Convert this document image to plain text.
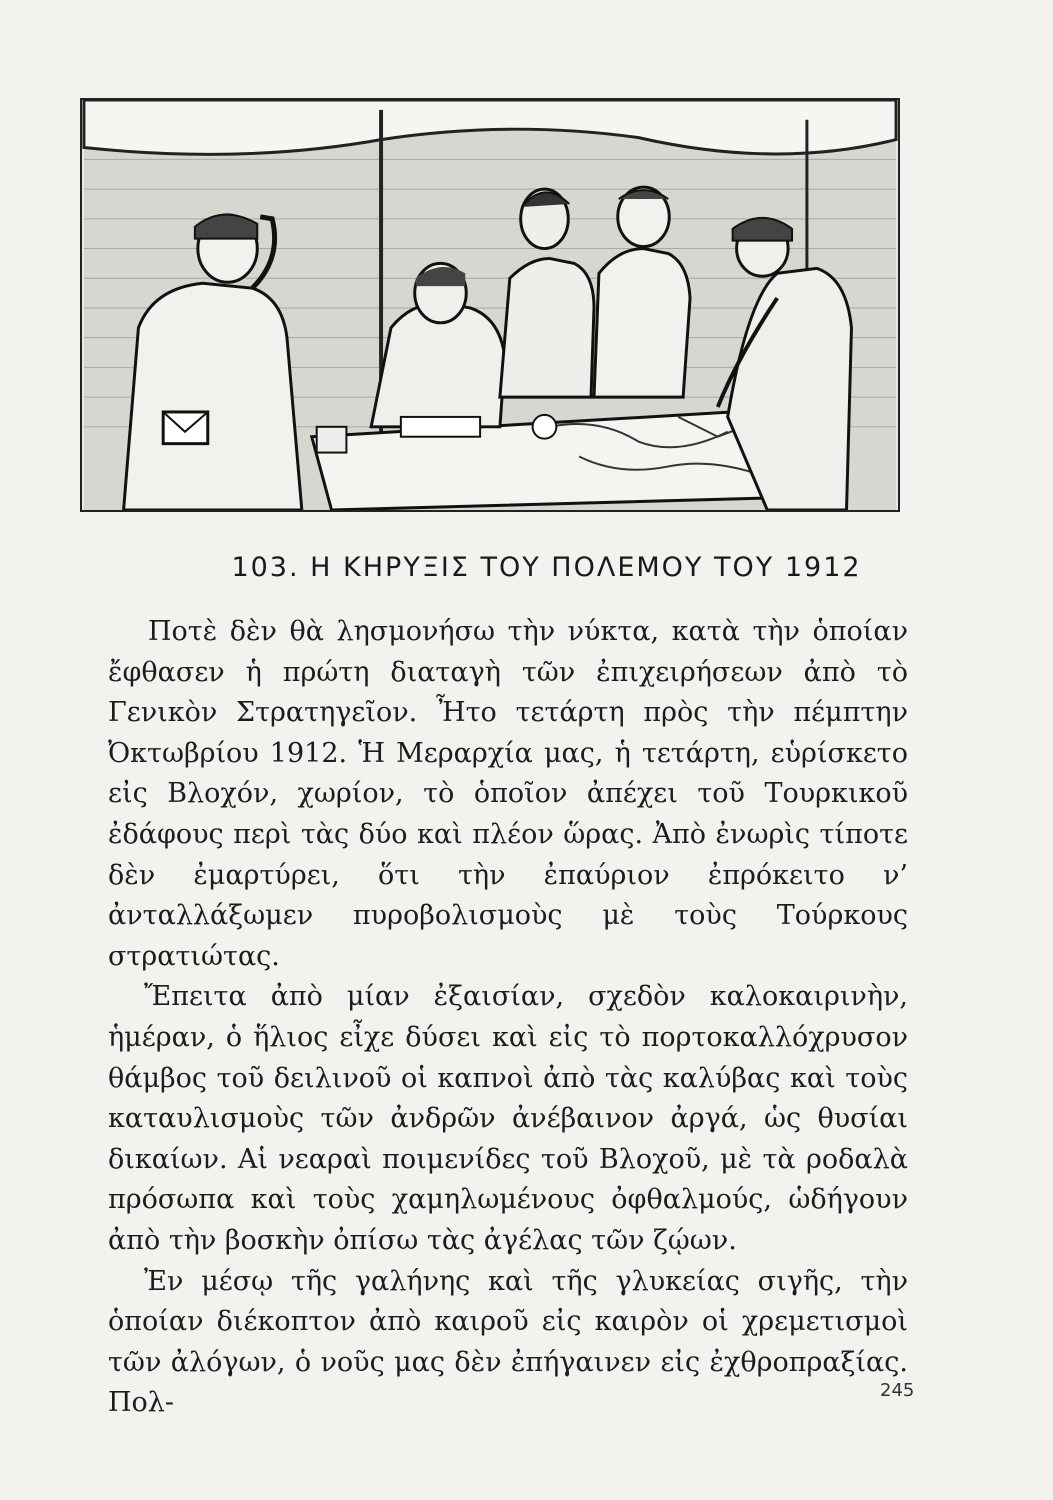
103. Η ΚΗΡΥΞΙΣ ΤΟΥ ΠΟΛΕΜΟΥ ΤΟΥ 1912

Ποτὲ δὲν θὰ λησμονήσω τὴν νύκτα, κατὰ τὴν ὁποίαν ἔφθασεν ἡ πρώτη διαταγὴ τῶν ἐπιχειρήσεων ἀπὸ τὸ Γενικὸν Στρατηγεῖον. Ἦτο τετάρτη πρὸς τὴν πέμπτην Ὀκτωβρίου 1912. Ἡ Μεραρχία μας, ἡ τετάρτη, εὑρίσκετο εἰς Βλοχόν, χωρίον, τὸ ὁποῖον ἀπέχει τοῦ Τουρκικοῦ ἐδάφους περὶ τὰς δύο καὶ πλέον ὥρας. Ἀπὸ ἐνωρὶς τίποτε δὲν ἐμαρτύρει, ὅτι τὴν ἐπαύριον ἐπρόκειτο ν’ ἀνταλλάξωμεν πυροβολισμοὺς μὲ τοὺς Τούρκους στρατιώτας.

Ἔπειτα ἀπὸ μίαν ἐξαισίαν, σχεδὸν καλοκαιρινὴν, ἡμέραν, ὁ ἥλιος εἶχε δύσει καὶ εἰς τὸ πορτοκαλλόχρυσον θάμβος τοῦ δειλινοῦ οἱ καπνοὶ ἀπὸ τὰς καλύβας καὶ τοὺς καταυλισμοὺς τῶν ἀνδρῶν ἀνέβαινον ἀργά, ὡς θυσίαι δικαίων. Αἱ νεαραὶ ποιμενίδες τοῦ Βλοχοῦ, μὲ τὰ ροδαλὰ πρόσωπα καὶ τοὺς χαμηλωμένους ὀφθαλμούς, ὡδήγουν ἀπὸ τὴν βοσκὴν ὀπίσω τὰς ἀγέλας τῶν ζῴων.

Ἐν μέσῳ τῆς γαλήνης καὶ τῆς γλυκείας σιγῆς, τὴν ὁποίαν διέκοπτον ἀπὸ καιροῦ εἰς καιρὸν οἱ χρεμετισμοὶ τῶν ἀλόγων, ὁ νοῦς μας δὲν ἐπήγαινεν εἰς ἐχθροπραξίας. Πολ-	245
